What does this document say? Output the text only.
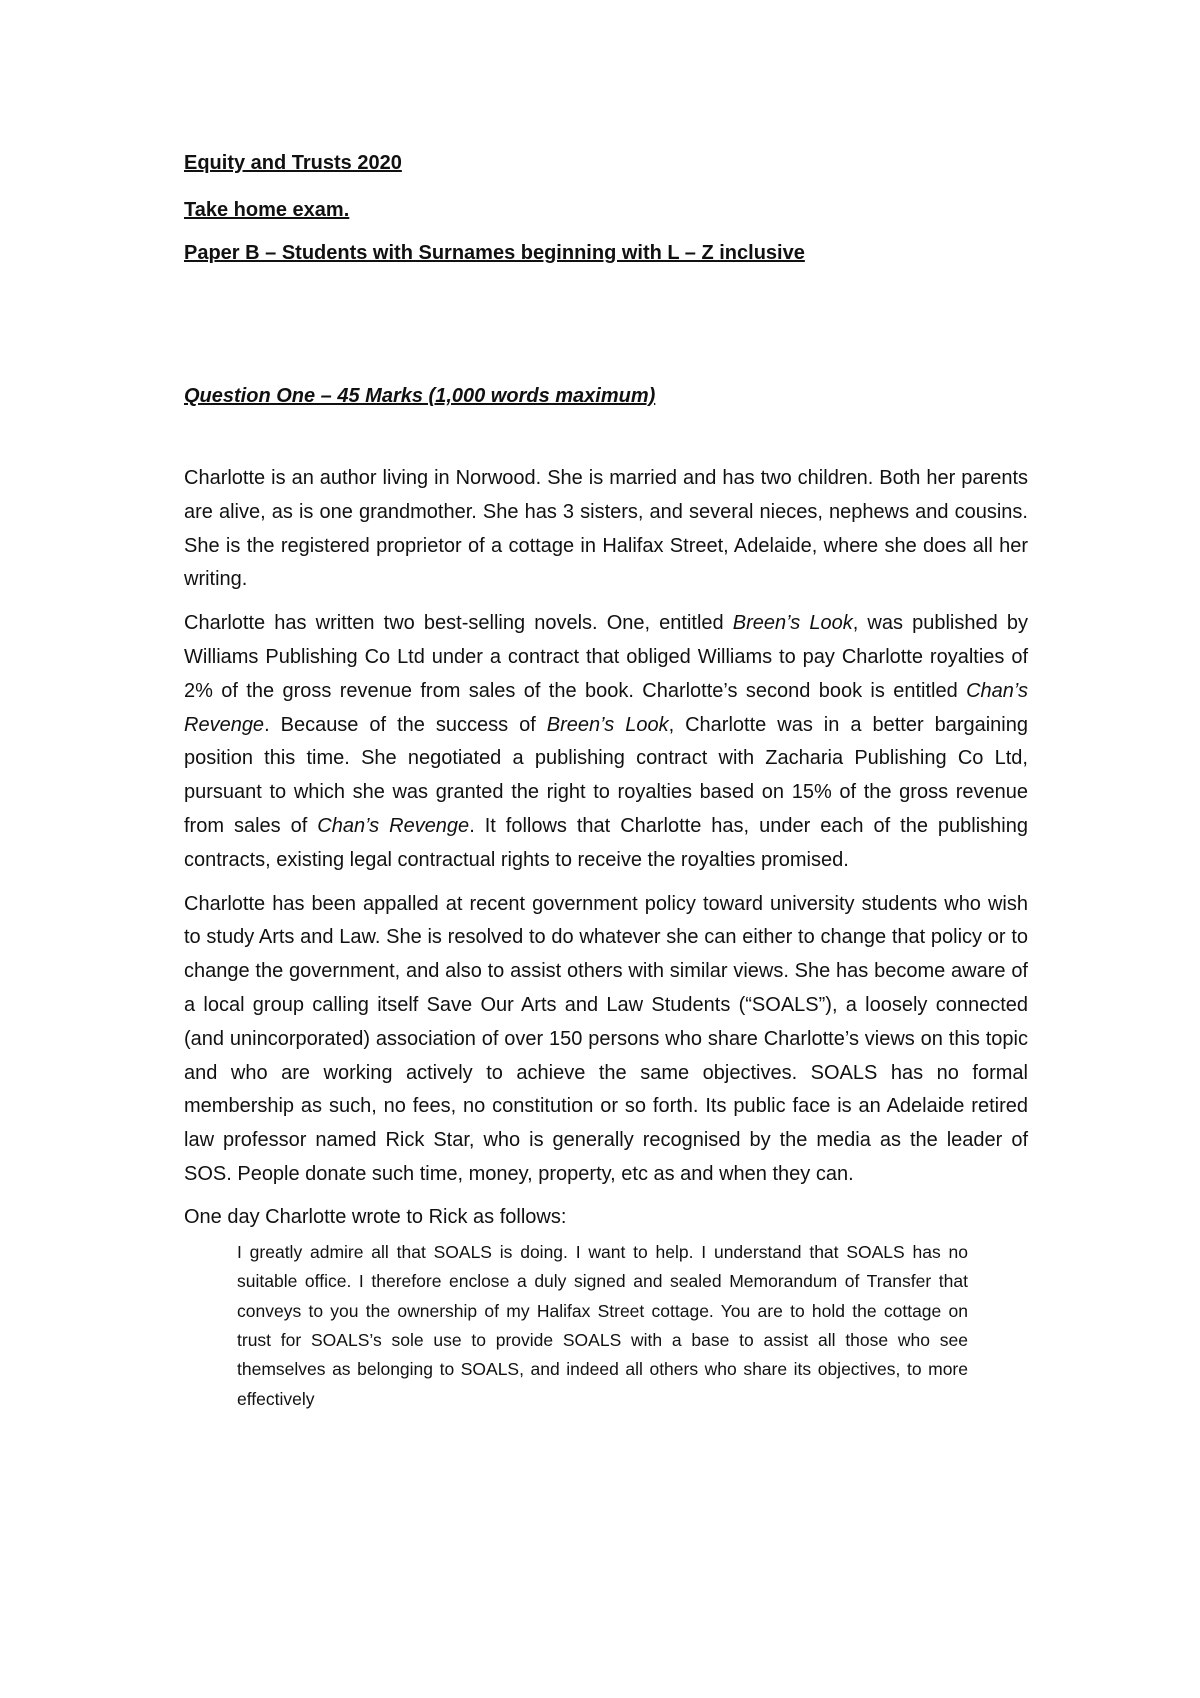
Equity and Trusts 2020
Take home exam.
Paper B – Students with Surnames beginning with L – Z inclusive
Question One – 45 Marks (1,000 words maximum)

Charlotte is an author living in Norwood. She is married and has two children. Both her parents are alive, as is one grandmother. She has 3 sisters, and several nieces, nephews and cousins. She is the registered proprietor of a cottage in Halifax Street, Adelaide, where she does all her writing.

Charlotte has written two best-selling novels. One, entitled Breen’s Look, was published by Williams Publishing Co Ltd under a contract that obliged Williams to pay Charlotte royalties of 2% of the gross revenue from sales of the book. Charlotte’s second book is entitled Chan’s Revenge. Because of the success of Breen’s Look, Charlotte was in a better bargaining position this time. She negotiated a publishing contract with Zacharia Publishing Co Ltd, pursuant to which she was granted the right to royalties based on 15% of the gross revenue from sales of Chan’s Revenge. It follows that Charlotte has, under each of the publishing contracts, existing legal contractual rights to receive the royalties promised.

Charlotte has been appalled at recent government policy toward university students who wish to study Arts and Law. She is resolved to do whatever she can either to change that policy or to change the government, and also to assist others with similar views. She has become aware of a local group calling itself Save Our Arts and Law Students (“SOALS”), a loosely connected (and unincorporated) association of over 150 persons who share Charlotte’s views on this topic and who are working actively to achieve the same objectives. SOALS has no formal membership as such, no fees, no constitution or so forth. Its public face is an Adelaide retired law professor named Rick Star, who is generally recognised by the media as the leader of SOS. People donate such time, money, property, etc as and when they can.

One day Charlotte wrote to Rick as follows:
I greatly admire all that SOALS is doing. I want to help. I understand that SOALS has no suitable office. I therefore enclose a duly signed and sealed Memorandum of Transfer that conveys to you the ownership of my Halifax Street cottage. You are to hold the cottage on trust for SOALS’s sole use to provide SOALS with a base to assist all those who see themselves as belonging to SOALS, and indeed all others who share its objectives, to more effectively
